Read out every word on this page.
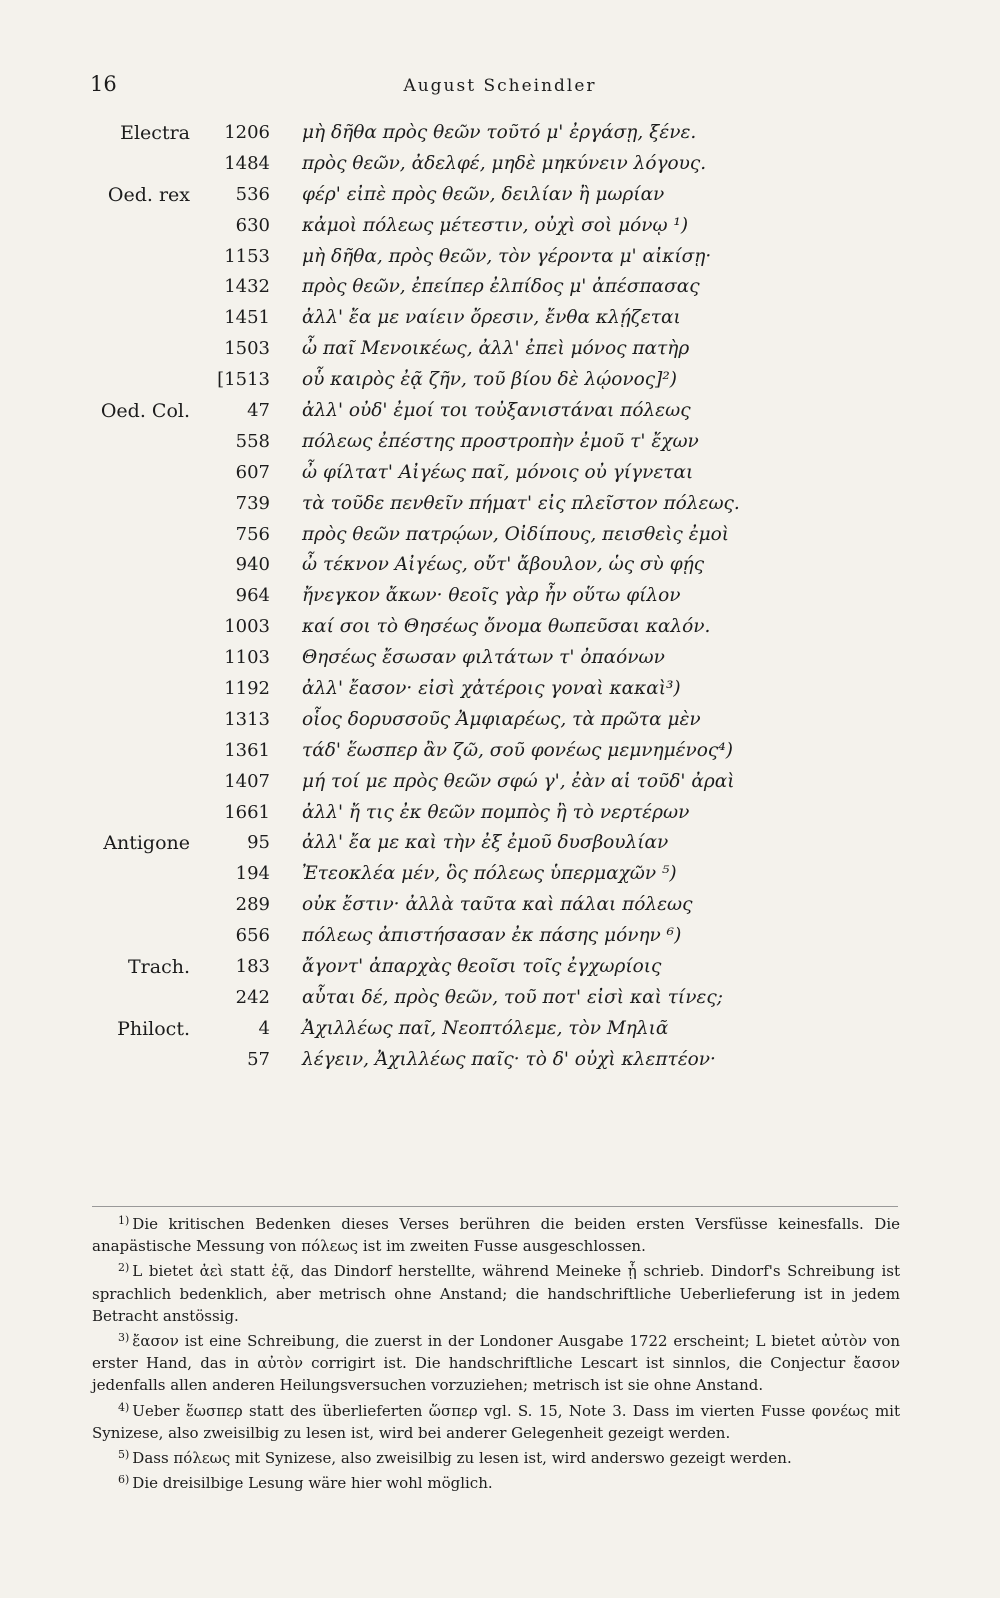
16	August Scheindler
Electra 1206 μὴ δῆθα πρὸς θεῶν τοῦτό μ' ἐργάσῃ, ξένε.
1484 πρὸς θεῶν, ἀδελφέ, μηδὲ μηκύνειν λόγους.
Oed. rex	536 φέρ' εἰπὲ πρὸς θεῶν, δειλίαν ἢ μωρίαν
630 κἀμοὶ πόλεως μέτεστιν, οὐχὶ σοὶ μόνῳ ¹)
1153 μὴ δῆθα, πρὸς θεῶν, τὸν γέροντα μ' αἰκίσῃ·
1432 πρὸς θεῶν, ἐπείπερ ἐλπίδος μ' ἀπέσπασας
1451 ἀλλ' ἔα με ναίειν ὄρεσιν, ἔνθα κλῄζεται
1503 ὦ παῖ Μενοικέως, ἀλλ' ἐπεὶ μόνος πατὴρ
[1513 οὗ καιρὸς ἐᾷ ζῆν, τοῦ βίου δὲ λῴονος]²)
Oed. Col.	47 ἀλλ' οὐδ' ἐμοί τοι τοὐξανιστάναι πόλεως
558 πόλεως ἐπέστης προστροπὴν ἐμοῦ τ' ἔχων
607 ὦ φίλτατ' Αἰγέως παῖ, μόνοις οὐ γίγνεται
739 τὰ τοῦδε πενθεῖν πήματ' εἰς πλεῖστον πόλεως.
756 πρὸς θεῶν πατρῴων, Οἰδίπους, πεισθεὶς ἐμοὶ
940 ὦ τέκνον Αἰγέως, οὔτ' ἄβουλον, ὡς σὺ φῄς
964 ἤνεγκον ἄκων· θεοῖς γὰρ ἦν οὕτω φίλον
1003 καί σοι τὸ Θησέως ὄνομα θωπεῦσαι καλόν.
1103 Θησέως ἔσωσαν φιλτάτων τ' ὀπαόνων
1192 ἀλλ' ἔασον· εἰσὶ χἀτέροις γοναὶ κακαὶ³)
1313 οἷος δορυσσοῦς Ἀμφιαρέως, τὰ πρῶτα μὲν
1361 τάδ' ἕωσπερ ἂν ζῶ, σοῦ φονέως μεμνημένος⁴)
1407 μή τοί με πρὸς θεῶν σφώ γ', ἐὰν αἱ τοῦδ' ἀραὶ
1661 ἀλλ' ἤ τις ἐκ θεῶν πομπὸς ἢ τὸ νερτέρων
Antigone	95 ἀλλ' ἔα με καὶ τὴν ἐξ ἐμοῦ δυσβουλίαν
194 Ἐτεοκλέα μέν, ὃς πόλεως ὑπερμαχῶν ⁵)
289 οὐκ ἔστιν· ἀλλὰ ταῦτα καὶ πάλαι πόλεως
656 πόλεως ἀπιστήσασαν ἐκ πάσης μόνην ⁶)
Trach.	183 ἄγοντ' ἀπαρχὰς θεοῖσι τοῖς ἐγχωρίοις
242 αὗται δέ, πρὸς θεῶν, τοῦ ποτ' εἰσὶ καὶ τίνες;
Philoct.	4 Ἀχιλλέως παῖ, Νεοπτόλεμε, τὸν Μηλιᾶ
57 λέγειν, Ἀχιλλέως παῖς· τὸ δ' οὐχὶ κλεπτέον·

$^{1)}$ Die kritischen Bedenken dieses Verses berühren die beiden ersten Versfüsse keinesfalls. Die anapästische Messung von πόλεως ist im zweiten Fusse ausgeschlossen.

$^{2)}$ L bietet ἀεὶ statt ἐᾷ, das Dindorf herstellte, während Meineke ᾗ schrieb. Dindorf's Schreibung ist sprachlich bedenklich, aber metrisch ohne Anstand; die handschriftliche Ueberlieferung ist in jedem Betracht anstössig.

$^{3)}$ ἔασον ist eine Schreibung, die zuerst in der Londoner Ausgabe 1722 erscheint; L bietet αὐτὸν von erster Hand, das in αὐτὸν corrigirt ist. Die handschriftliche Lescart ist sinnlos, die Conjectur ἔασον jedenfalls allen anderen Heilungsversuchen vorzuziehen; metrisch ist sie ohne Anstand.

$^{4)}$ Ueber ἕωσπερ statt des überlieferten ὥσπερ vgl. S. 15, Note 3. Dass im vierten Fusse φονέως mit Synizese, also zweisilbig zu lesen ist, wird bei anderer Gelegenheit gezeigt werden.

$^{5)}$ Dass πόλεως mit Synizese, also zweisilbig zu lesen ist, wird anderswo gezeigt werden.

$^{6)}$ Die dreisilbige Lesung wäre hier wohl möglich.
